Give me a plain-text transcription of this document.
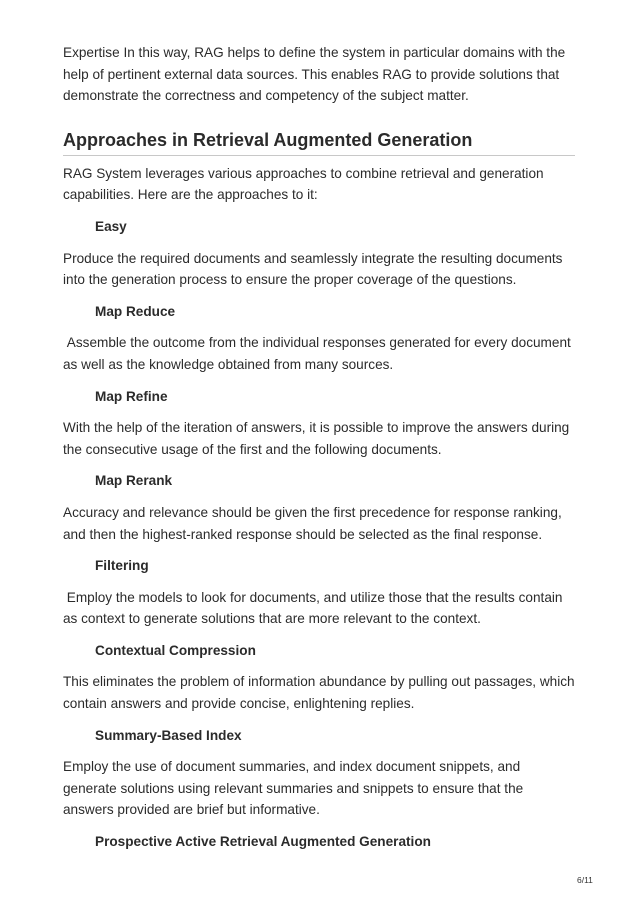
Expertise In this way, RAG helps to define the system in particular domains with the help of pertinent external data sources. This enables RAG to provide solutions that demonstrate the correctness and competency of the subject matter.

Approaches in Retrieval Augmented Generation

RAG System leverages various approaches to combine retrieval and generation capabilities. Here are the approaches to it:

Easy

Produce the required documents and seamlessly integrate the resulting documents into the generation process to ensure the proper coverage of the questions.

Map Reduce

Assemble the outcome from the individual responses generated for every document as well as the knowledge obtained from many sources.

Map Refine

With the help of the iteration of answers, it is possible to improve the answers during the consecutive usage of the first and the following documents.

Map Rerank

Accuracy and relevance should be given the first precedence for response ranking, and then the highest-ranked response should be selected as the final response.

Filtering

Employ the models to look for documents, and utilize those that the results contain as context to generate solutions that are more relevant to the context.

Contextual Compression

This eliminates the problem of information abundance by pulling out passages, which contain answers and provide concise, enlightening replies.

Summary-Based Index

Employ the use of document summaries, and index document snippets, and generate solutions using relevant summaries and snippets to ensure that the answers provided are brief but informative.

Prospective Active Retrieval Augmented Generation
6/11
